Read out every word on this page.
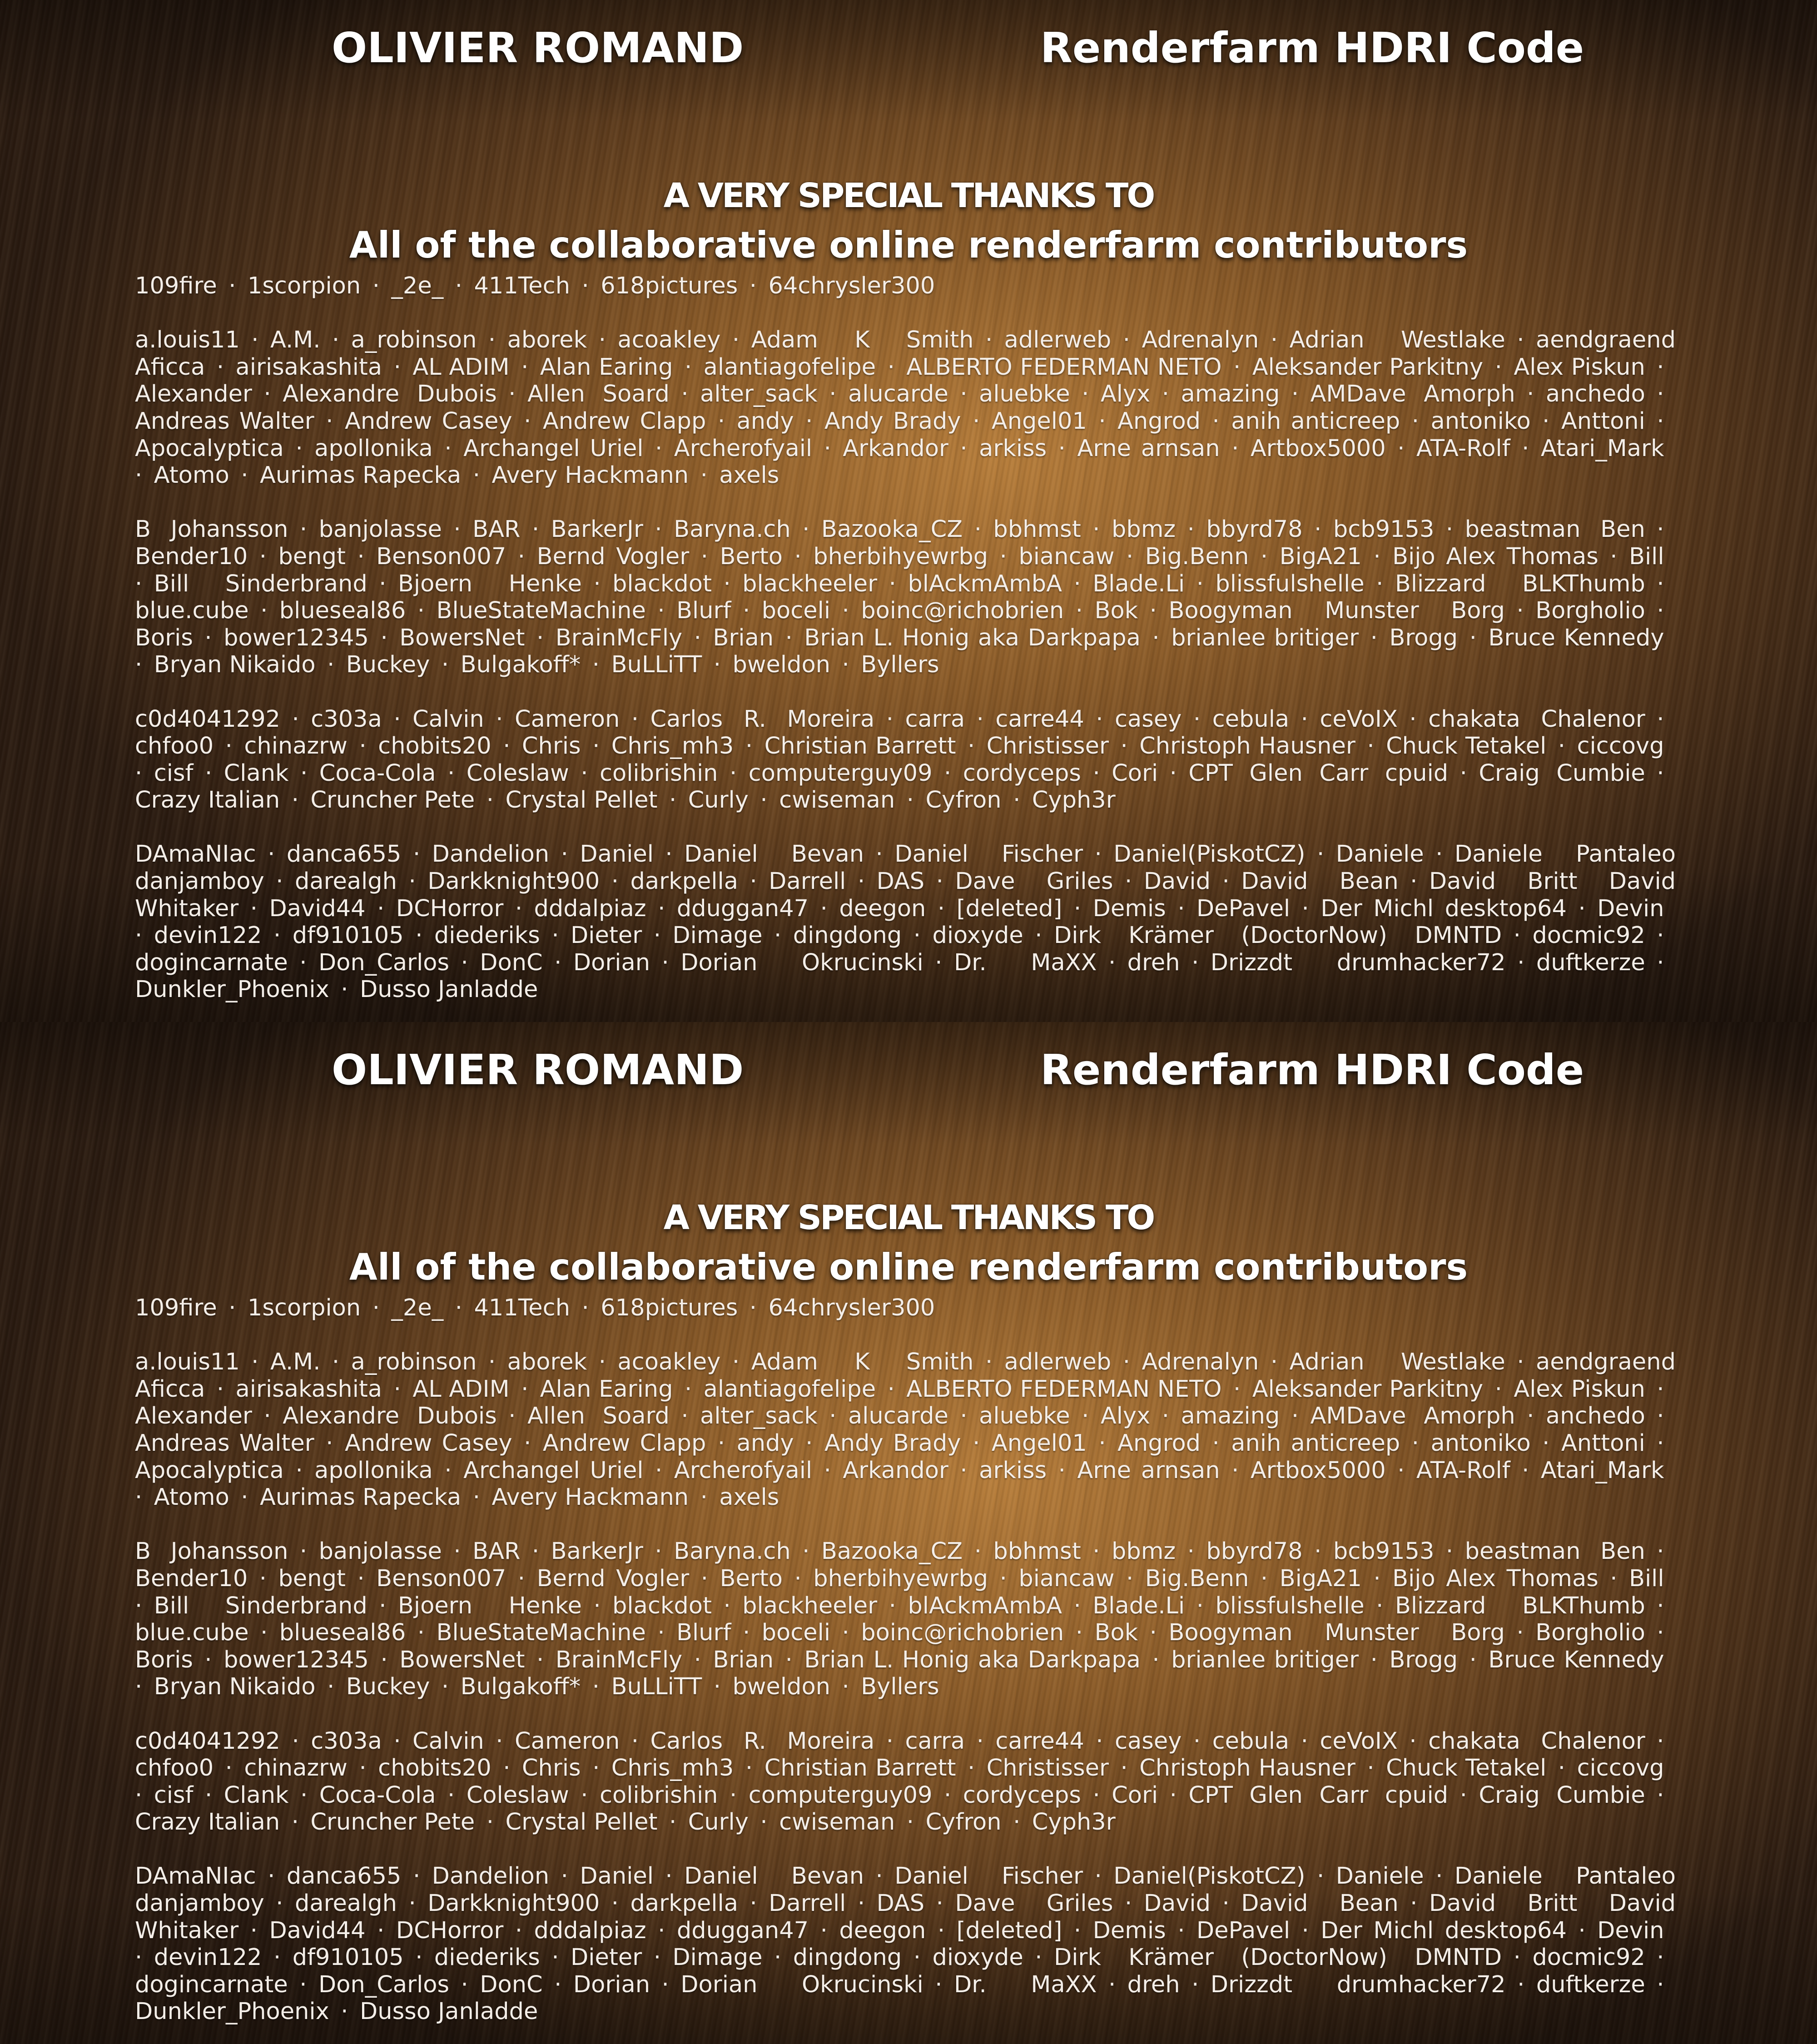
OLIVIER ROMAND	Renderfarm HDRI Code
A VERY SPECIAL THANKS TO
All of the collaborative online renderfarm contributors

109fire · 1scorpion · _2e_ · 411Tech · 618pictures · 64chrysler300

a.louis11 · A.M. · a_robinson · aborek · acoakley · Adam K Smith · adlerweb · Adrenalyn · Adrian Westlake · aendgraend Aficca · airisakashita · AL ADIM · Alan Earing · alantiagofelipe · ALBERTO FEDERMAN NETO · Aleksander Parkitny · Alex Piskun · Alexander · Alexandre Dubois · Allen Soard · alter_sack · alucarde · aluebke · Alyx · amazing · AMDave Amorph · anchedo · Andreas Walter · Andrew Casey · Andrew Clapp · andy · Andy Brady · Angel01 · Angrod · anih anticreep · antoniko · Anttoni · Apocalyptica · apollonika · Archangel Uriel · Archerofyail · Arkandor · arkiss · Arne arnsan · Artbox5000 · ATA-Rolf · Atari_Mark · Atomo · Aurimas Rapecka · Avery Hackmann · axels

B Johansson · banjolasse · BAR · BarkerJr · Baryna.ch · Bazooka_CZ · bbhmst · bbmz · bbyrd78 · bcb9153 · beastman Ben · Bender10 · bengt · Benson007 · Bernd Vogler · Berto · bherbihyewrbg · biancaw · Big.Benn · BigA21 · Bijo Alex Thomas · Bill · Bill Sinderbrand · Bjoern Henke · blackdot · blackheeler · blAckmAmbA · Blade.Li · blissfulshelle · Blizzard BLKThumb · blue.cube · blueseal86 · BlueStateMachine · Blurf · boceli · boinc@richobrien · Bok · Boogyman Munster Borg · Borgholio · Boris · bower12345 · BowersNet · BrainMcFly · Brian · Brian L. Honig aka Darkpapa · brianlee britiger · Brogg · Bruce Kennedy · Bryan Nikaido · Buckey · Bulgakoff* · BuLLiTT · bweldon · Byllers

c0d4041292 · c303a · Calvin · Cameron · Carlos R. Moreira · carra · carre44 · casey · cebula · ceVoIX · chakata Chalenor · chfoo0 · chinazrw · chobits20 · Chris · Chris_mh3 · Christian Barrett · Christisser · Christoph Hausner · Chuck Tetakel · ciccovg · cisf · Clank · Coca-Cola · Coleslaw · colibrishin · computerguy09 · cordyceps · Cori · CPT Glen Carr cpuid · Craig Cumbie · Crazy Italian · Cruncher Pete · Crystal Pellet · Curly · cwiseman · Cyfron · Cyph3r

DAmaNIac · danca655 · Dandelion · Daniel · Daniel Bevan · Daniel Fischer · Daniel(PiskotCZ) · Daniele · Daniele Pantaleo danjamboy · darealgh · Darkknight900 · darkpella · Darrell · DAS · Dave Griles · David · David Bean · David Britt David Whitaker · David44 · DCHorror · dddalpiaz · dduggan47 · deegon · [deleted] · Demis · DePavel · Der Michl desktop64 · Devin · devin122 · df910105 · diederiks · Dieter · Dimage · dingdong · dioxyde · Dirk Krämer (DoctorNow) DMNTD · docmic92 · dogincarnate · Don_Carlos · DonC · Dorian · Dorian Okrucinski · Dr. MaXX · dreh · Drizzdt drumhacker72 · duftkerze · Dunkler_Phoenix · Dusso Janladde

OLIVIER ROMAND	Renderfarm HDRI Code
A VERY SPECIAL THANKS TO
All of the collaborative online renderfarm contributors

109fire · 1scorpion · _2e_ · 411Tech · 618pictures · 64chrysler300

a.louis11 · A.M. · a_robinson · aborek · acoakley · Adam K Smith · adlerweb · Adrenalyn · Adrian Westlake · aendgraend Aficca · airisakashita · AL ADIM · Alan Earing · alantiagofelipe · ALBERTO FEDERMAN NETO · Aleksander Parkitny · Alex Piskun · Alexander · Alexandre Dubois · Allen Soard · alter_sack · alucarde · aluebke · Alyx · amazing · AMDave Amorph · anchedo · Andreas Walter · Andrew Casey · Andrew Clapp · andy · Andy Brady · Angel01 · Angrod · anih anticreep · antoniko · Anttoni · Apocalyptica · apollonika · Archangel Uriel · Archerofyail · Arkandor · arkiss · Arne arnsan · Artbox5000 · ATA-Rolf · Atari_Mark · Atomo · Aurimas Rapecka · Avery Hackmann · axels

B Johansson · banjolasse · BAR · BarkerJr · Baryna.ch · Bazooka_CZ · bbhmst · bbmz · bbyrd78 · bcb9153 · beastman Ben · Bender10 · bengt · Benson007 · Bernd Vogler · Berto · bherbihyewrbg · biancaw · Big.Benn · BigA21 · Bijo Alex Thomas · Bill · Bill Sinderbrand · Bjoern Henke · blackdot · blackheeler · blAckmAmbA · Blade.Li · blissfulshelle · Blizzard BLKThumb · blue.cube · blueseal86 · BlueStateMachine · Blurf · boceli · boinc@richobrien · Bok · Boogyman Munster Borg · Borgholio · Boris · bower12345 · BowersNet · BrainMcFly · Brian · Brian L. Honig aka Darkpapa · brianlee britiger · Brogg · Bruce Kennedy · Bryan Nikaido · Buckey · Bulgakoff* · BuLLiTT · bweldon · Byllers

c0d4041292 · c303a · Calvin · Cameron · Carlos R. Moreira · carra · carre44 · casey · cebula · ceVoIX · chakata Chalenor · chfoo0 · chinazrw · chobits20 · Chris · Chris_mh3 · Christian Barrett · Christisser · Christoph Hausner · Chuck Tetakel · ciccovg · cisf · Clank · Coca-Cola · Coleslaw · colibrishin · computerguy09 · cordyceps · Cori · CPT Glen Carr cpuid · Craig Cumbie · Crazy Italian · Cruncher Pete · Crystal Pellet · Curly · cwiseman · Cyfron · Cyph3r

DAmaNIac · danca655 · Dandelion · Daniel · Daniel Bevan · Daniel Fischer · Daniel(PiskotCZ) · Daniele · Daniele Pantaleo danjamboy · darealgh · Darkknight900 · darkpella · Darrell · DAS · Dave Griles · David · David Bean · David Britt David Whitaker · David44 · DCHorror · dddalpiaz · dduggan47 · deegon · [deleted] · Demis · DePavel · Der Michl desktop64 · Devin · devin122 · df910105 · diederiks · Dieter · Dimage · dingdong · dioxyde · Dirk Krämer (DoctorNow) DMNTD · docmic92 · dogincarnate · Don_Carlos · DonC · Dorian · Dorian Okrucinski · Dr. MaXX · dreh · Drizzdt drumhacker72 · duftkerze · Dunkler_Phoenix · Dusso Janladde
